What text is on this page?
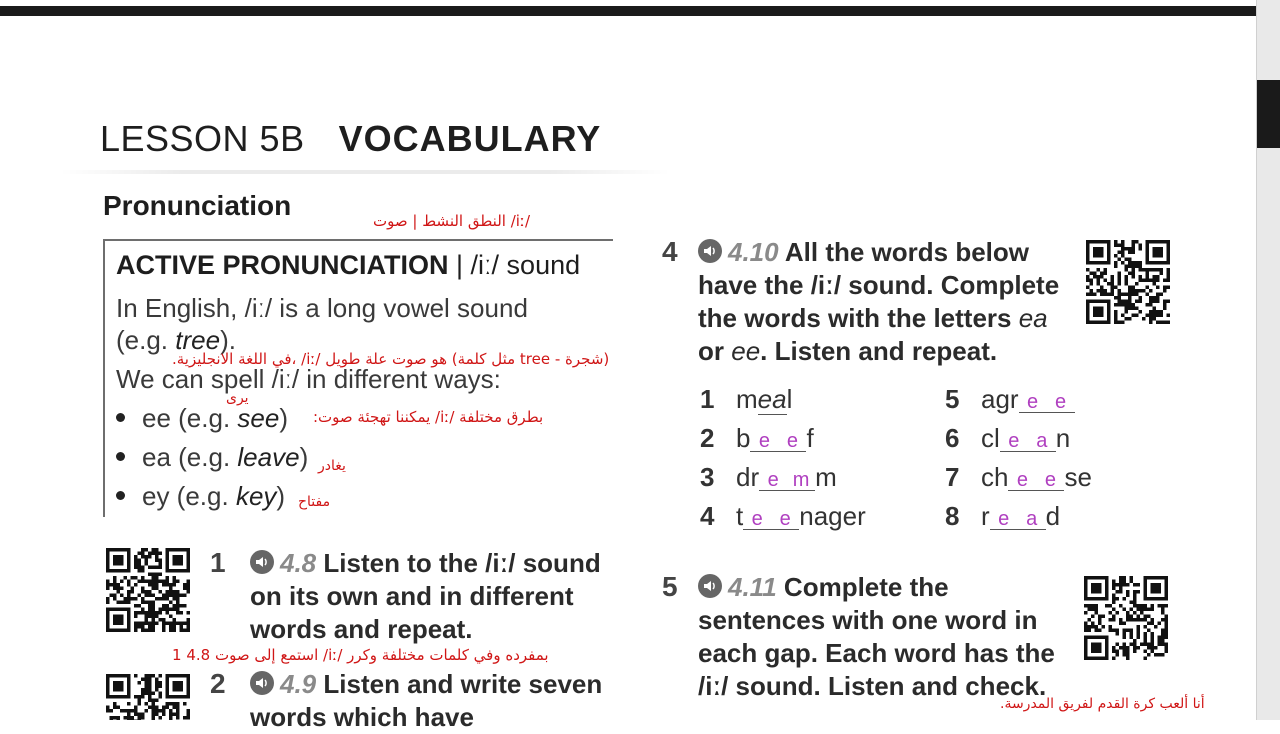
LESSON 5B VOCABULARY
Pronunciation	/iː/ النطق النشط | صوت
ACTIVE PRONUNCIATION | /iː/ sound
In English, /iː/ is a long vowel sound
(e.g. tree).
(شجرة - tree مثل كلمة) هو صوت علة طويل /iː/ ،في اللغة الانجليزية.
We can spell /iː/ in different ways:
يرى
بطرق مختلفة /iː/ يمكننا تهجئة صوت:
ee (e.g. see)
ea (e.g. leave) يغادر
ey (e.g. key) مفتاح
1	4.8 Listen to the /iː/ sound on its own and in different words and repeat.
بمفرده وفي كلمات مختلفة وكرر /iː/ استمع إلى صوت 4.8 1
2	4.9 Listen and write seven words which have
4	4.10 All the words below have the /iː/ sound. Complete the words with the letters ea or ee. Listen and repeat.
1 meal
2 b e e f
3 dr e m m
4 t e e nager
5 agr e e
6 cl e a n
7 ch e e se
8 r e a d
5	4.11 Complete the sentences with one word in each gap. Each word has the /iː/ sound. Listen and check.
أنا ألعب كرة القدم لفريق المدرسة.
